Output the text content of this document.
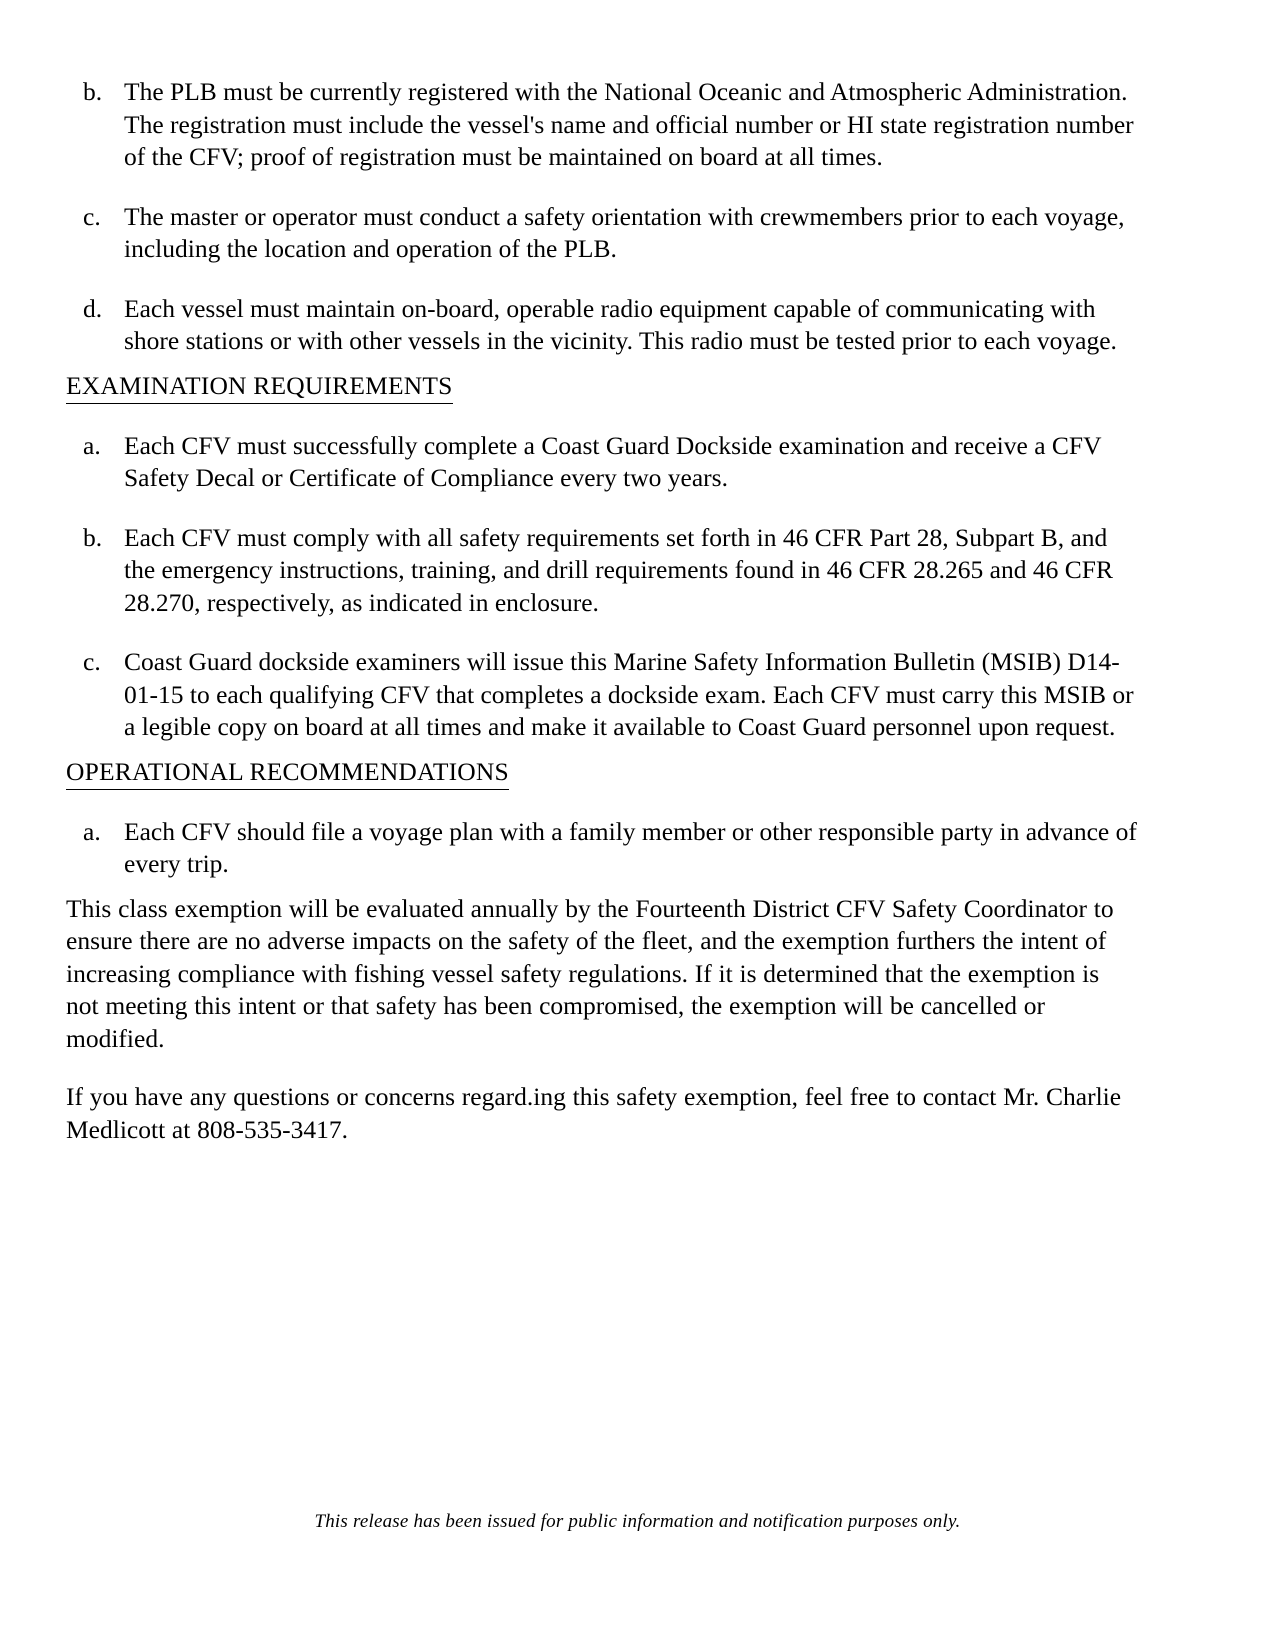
b. The PLB must be currently registered with the National Oceanic and Atmospheric Administration. The registration must include the vessel's name and official number or HI state registration number of the CFV; proof of registration must be maintained on board at all times.
c. The master or operator must conduct a safety orientation with crewmembers prior to each voyage, including the location and operation of the PLB.
d. Each vessel must maintain on-board, operable radio equipment capable of communicating with shore stations or with other vessels in the vicinity. This radio must be tested prior to each voyage.
EXAMINATION REQUIREMENTS
a. Each CFV must successfully complete a Coast Guard Dockside examination and receive a CFV Safety Decal or Certificate of Compliance every two years.
b. Each CFV must comply with all safety requirements set forth in 46 CFR Part 28, Subpart B, and the emergency instructions, training, and drill requirements found in 46 CFR 28.265 and 46 CFR 28.270, respectively, as indicated in enclosure.
c. Coast Guard dockside examiners will issue this Marine Safety Information Bulletin (MSIB) D14-01-15 to each qualifying CFV that completes a dockside exam. Each CFV must carry this MSIB or a legible copy on board at all times and make it available to Coast Guard personnel upon request.
OPERATIONAL RECOMMENDATIONS
a. Each CFV should file a voyage plan with a family member or other responsible party in advance of every trip.

This class exemption will be evaluated annually by the Fourteenth District CFV Safety Coordinator to ensure there are no adverse impacts on the safety of the fleet, and the exemption furthers the intent of increasing compliance with fishing vessel safety regulations. If it is determined that the exemption is not meeting this intent or that safety has been compromised, the exemption will be cancelled or modified.

If you have any questions or concerns regard.ing this safety exemption, feel free to contact Mr. Charlie Medlicott at 808-535-3417.

This release has been issued for public information and notification purposes only.
